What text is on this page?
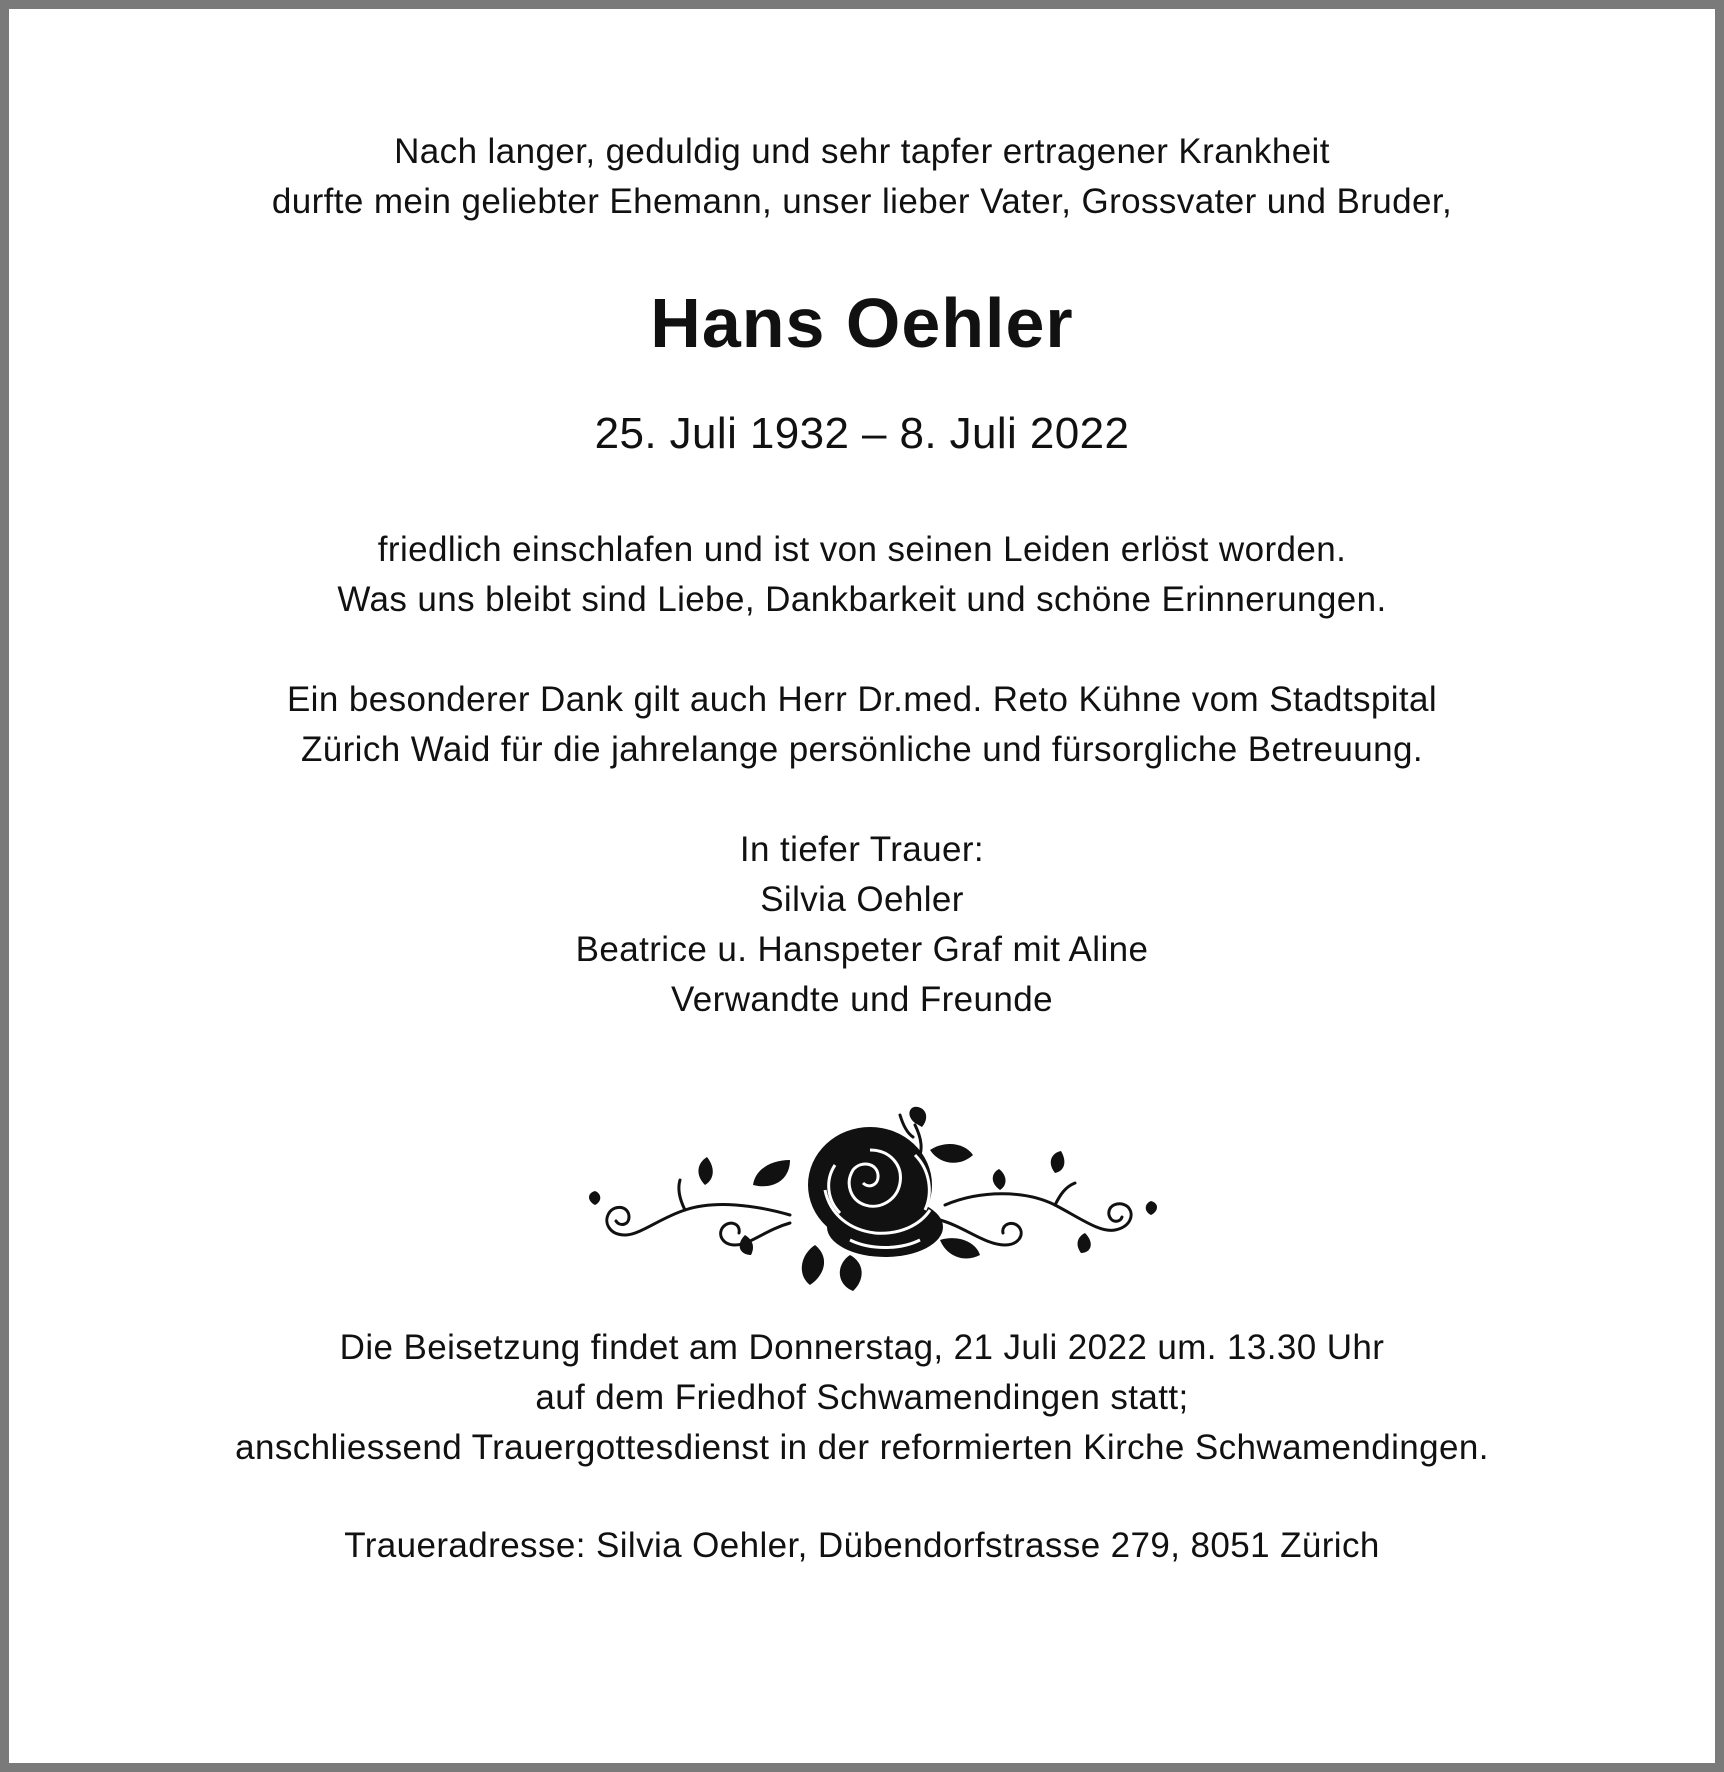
Nach langer, geduldig und sehr tapfer ertragener Krankheit
durfte mein geliebter Ehemann, unser lieber Vater, Grossvater und Bruder,
Hans Oehler
25. Juli 1932 – 8. Juli 2022
friedlich einschlafen und ist von seinen Leiden erlöst worden.
Was uns bleibt sind Liebe, Dankbarkeit und schöne Erinnerungen.
Ein besonderer Dank gilt auch Herr Dr.med. Reto Kühne vom Stadtspital
Zürich Waid für die jahrelange persönliche und fürsorgliche Betreuung.
In tiefer Trauer:
Silvia Oehler
Beatrice u. Hanspeter Graf mit Aline
Verwandte und Freunde
Die Beisetzung findet am Donnerstag, 21 Juli 2022 um. 13.30 Uhr
auf dem Friedhof Schwamendingen statt;
anschliessend Trauergottesdienst in der reformierten Kirche Schwamendingen.
Traueradresse: Silvia Oehler, Dübendorfstrasse 279, 8051 Zürich
